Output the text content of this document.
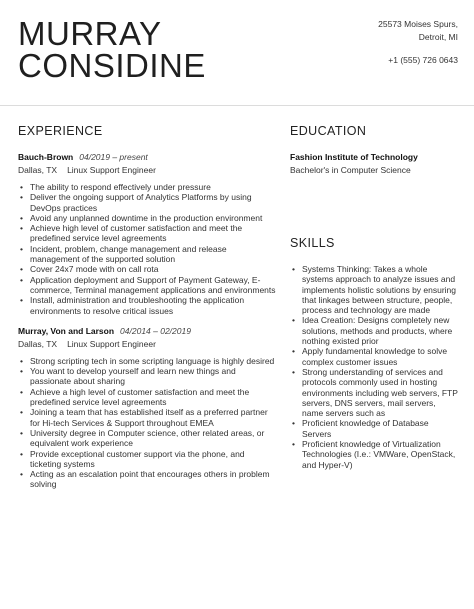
MURRAY
CONSIDINE
25573 Moises Spurs,
Detroit, MI
+1 (555) 726 0643
EXPERIENCE
Bauch-Brown 04/2019 – present
Dallas, TX Linux Support Engineer
• The ability to respond effectively under pressure
• Deliver the ongoing support of Analytics Platforms by using DevOps practices
• Avoid any unplanned downtime in the production environment
• Achieve high level of customer satisfaction and meet the predefined service level agreements
• Incident, problem, change management and release management of the supported solution
• Cover 24x7 mode with on call rota
• Application deployment and Support of Payment Gateway, E-commerce, Terminal management applications and environments
• Install, administration and troubleshooting the application environments to resolve critical issues
Murray, Von and Larson 04/2014 – 02/2019
Dallas, TX Linux Support Engineer
• Strong scripting tech in some scripting language is highly desired
• You want to develop yourself and learn new things and passionate about sharing
• Achieve a high level of customer satisfaction and meet the predefined service level agreements
• Joining a team that has established itself as a preferred partner for Hi-tech Services & Support throughout EMEA
• University degree in Computer science, other related areas, or equivalent work experience
• Provide exceptional customer support via the phone, and ticketing systems
• Acting as an escalation point that encourages others in problem solving
EDUCATION
Fashion Institute of Technology
Bachelor's in Computer Science
SKILLS
• Systems Thinking: Takes a whole systems approach to analyze issues and implements holistic solutions by ensuring that linkages between structure, people, process and technology are made
• Idea Creation: Designs completely new solutions, methods and products, where nothing existed prior
• Apply fundamental knowledge to solve complex customer issues
• Strong understanding of services and protocols commonly used in hosting environments including web servers, FTP servers, DNS servers, mail servers, name servers such as
• Proficient knowledge of Database Servers
• Proficient knowledge of Virtualization Technologies (I.e.: VMWare, OpenStack, and Hyper-V)
